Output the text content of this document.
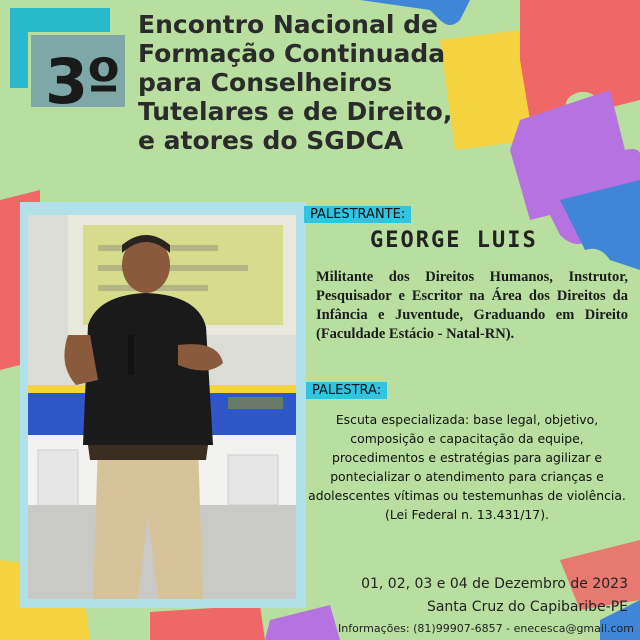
3º
Encontro Nacional de
Formação Continuada
para Conselheiros
Tutelares e de Direito,
e atores do SGDCA
PALESTRANTE:
GEORGE LUIS
Militante dos Direitos Humanos, Instrutor, Pesquisador e Escritor na Área dos Direitos da Infância e Juventude, Graduando em Direito (Faculdade Estácio - Natal-RN).
PALESTRA:
Escuta especializada: base legal, objetivo, composição e capacitação da equipe, procedimentos e estratégias para agilizar e pontecializar o atendimento para crianças e adolescentes vítimas ou testemunhas de violência. (Lei Federal n. 13.431/17).
01, 02, 03 e 04 de Dezembro de 2023
Santa Cruz do Capibaribe-PE
Informações: (81)99907-6857 - enecesca@gmail.com
